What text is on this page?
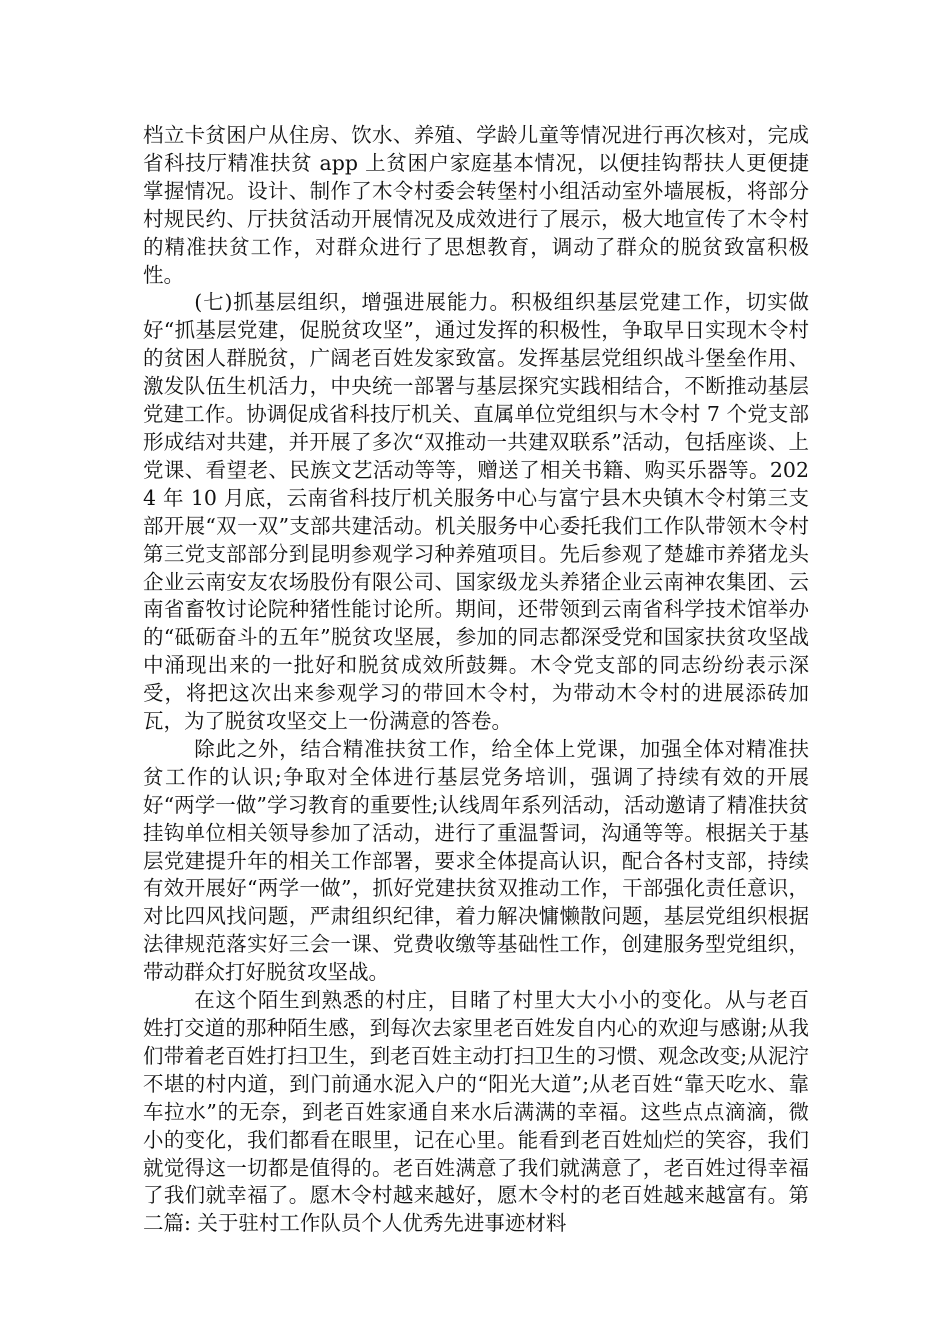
档立卡贫困户从住房、饮水、养殖、学龄儿童等情况进行再次核对，完成省科技厅精准扶贫 app 上贫困户家庭基本情况，以便挂钩帮扶人更便捷掌握情况。设计、制作了木令村委会转堡村小组活动室外墙展板，将部分村规民约、厅扶贫活动开展情况及成效进行了展示，极大地宣传了木令村的精准扶贫工作，对群众进行了思想教育，调动了群众的脱贫致富积极性。

(七)抓基层组织，增强进展能力。积极组织基层党建工作，切实做好“抓基层党建，促脱贫攻坚”，通过发挥的积极性，争取早日实现木令村的贫困人群脱贫，广阔老百姓发家致富。发挥基层党组织战斗堡垒作用、激发队伍生机活力，中央统一部署与基层探究实践相结合，不断推动基层党建工作。协调促成省科技厅机关、直属单位党组织与木令村 7 个党支部形成结对共建，并开展了多次“双推动一共建双联系”活动，包括座谈、上党课、看望老、民族文艺活动等等，赠送了相关书籍、购买乐器等。2024 年 10 月底，云南省科技厅机关服务中心与富宁县木央镇木令村第三支部开展“双一双”支部共建活动。机关服务中心委托我们工作队带领木令村第三党支部部分到昆明参观学习种养殖项目。先后参观了楚雄市养猪龙头企业云南安友农场股份有限公司、国家级龙头养猪企业云南神农集团、云南省畜牧讨论院种猪性能讨论所。期间，还带领到云南省科学技术馆举办的“砥砺奋斗的五年”脱贫攻坚展，参加的同志都深受党和国家扶贫攻坚战中涌现出来的一批好和脱贫成效所鼓舞。木令党支部的同志纷纷表示深受，将把这次出来参观学习的带回木令村，为带动木令村的进展添砖加瓦，为了脱贫攻坚交上一份满意的答卷。

除此之外，结合精准扶贫工作，给全体上党课，加强全体对精准扶贫工作的认识;争取对全体进行基层党务培训，强调了持续有效的开展好“两学一做”学习教育的重要性;认线周年系列活动，活动邀请了精准扶贫挂钩单位相关领导参加了活动，进行了重温誓词，沟通等等。根据关于基层党建提升年的相关工作部署，要求全体提高认识，配合各村支部，持续有效开展好“两学一做”，抓好党建扶贫双推动工作，干部强化责任意识，对比四风找问题，严肃组织纪律，着力解决慵懒散问题，基层党组织根据法律规范落实好三会一课、党费收缴等基础性工作，创建服务型党组织，带动群众打好脱贫攻坚战。

在这个陌生到熟悉的村庄，目睹了村里大大小小的变化。从与老百姓打交道的那种陌生感，到每次去家里老百姓发自内心的欢迎与感谢;从我们带着老百姓打扫卫生，到老百姓主动打扫卫生的习惯、观念改变;从泥泞不堪的村内道，到门前通水泥入户的“阳光大道”;从老百姓“靠天吃水、靠车拉水”的无奈，到老百姓家通自来水后满满的幸福。这些点点滴滴，微小的变化，我们都看在眼里，记在心里。能看到老百姓灿烂的笑容，我们就觉得这一切都是值得的。老百姓满意了我们就满意了，老百姓过得幸福了我们就幸福了。愿木令村越来越好，愿木令村的老百姓越来越富有。第二篇: 关于驻村工作队员个人优秀先进事迹材料
